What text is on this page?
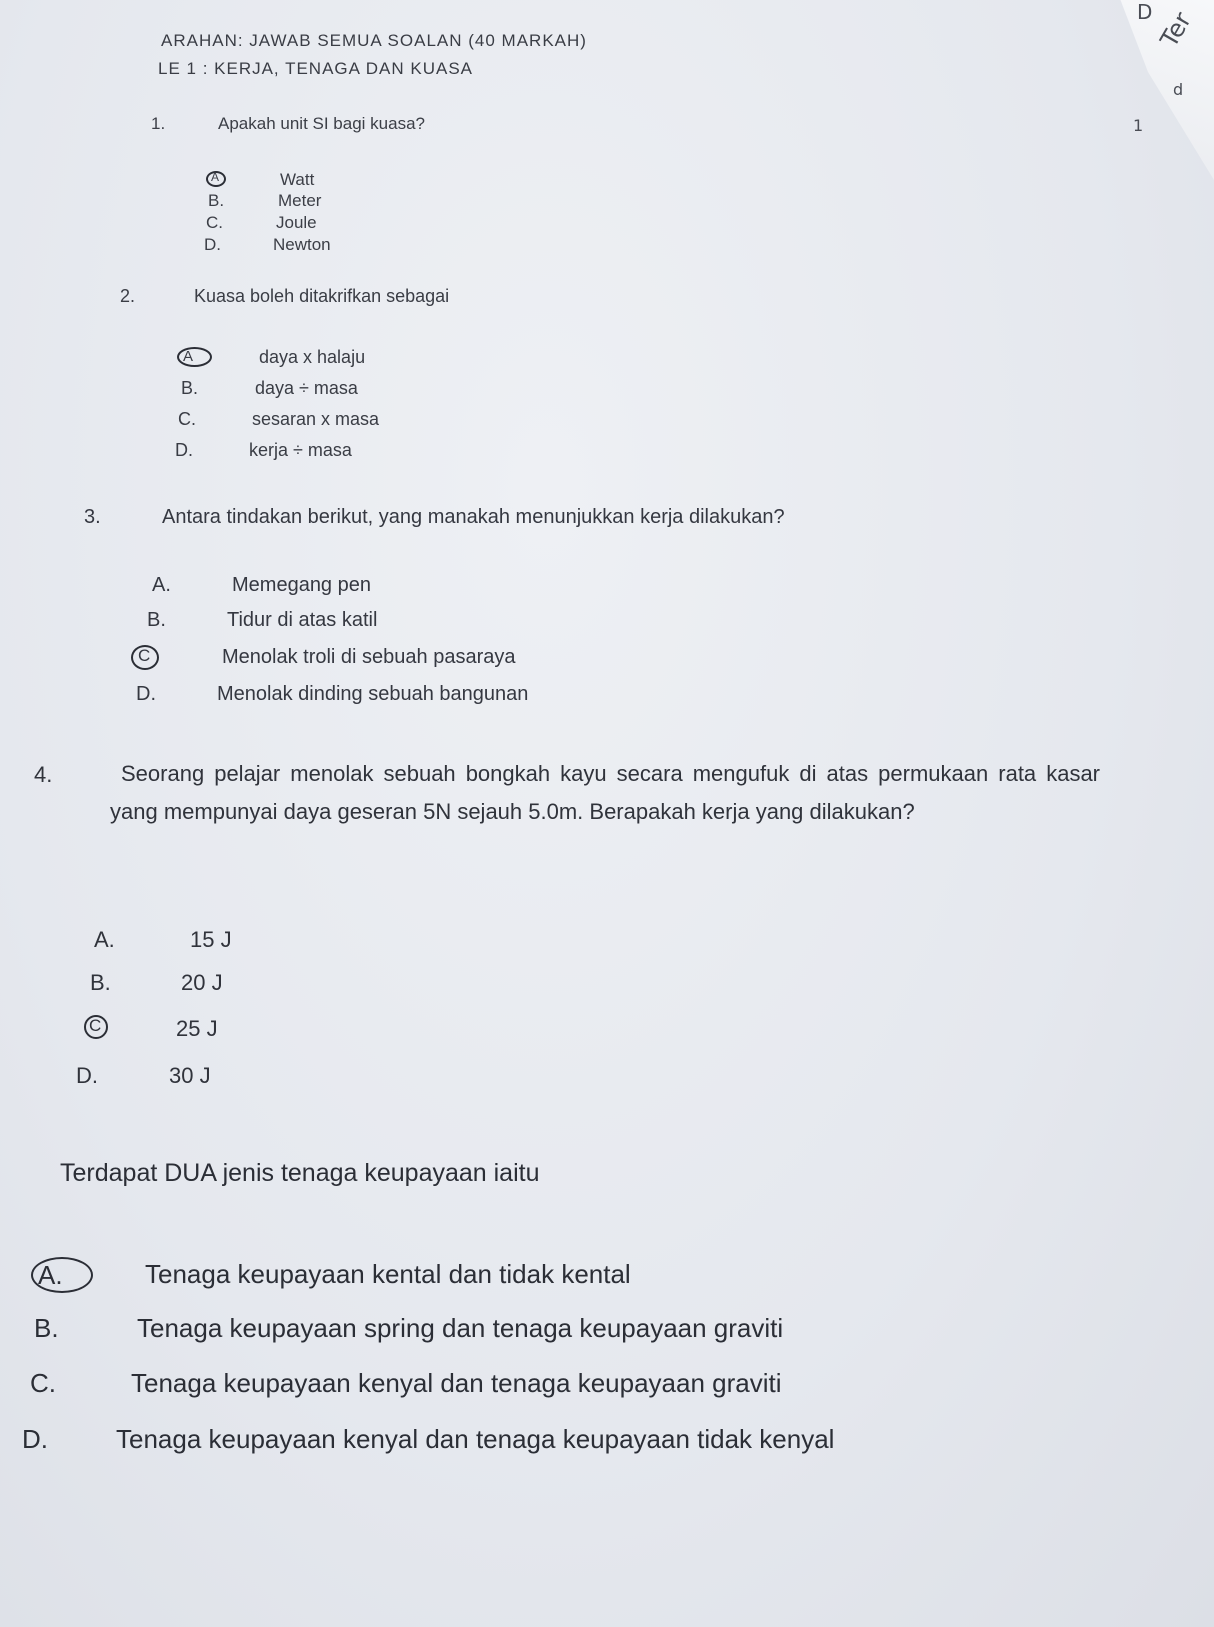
D Ter
d
1
ARAHAN: JAWAB SEMUA SOALAN (40 MARKAH)
LE 1 : KERJA, TENAGA DAN KUASA
1.	Apakah unit SI bagi kuasa?
A	Watt
B.	Meter
C.	Joule
D.	Newton
2.	Kuasa boleh ditakrifkan sebagai
A	daya x halaju
B.	daya ÷ masa
C.	sesaran x masa
D.	kerja ÷ masa
3.	Antara tindakan berikut, yang manakah menunjukkan kerja dilakukan?
A.	Memegang pen
B.	Tidur di atas katil
C	Menolak troli di sebuah pasaraya
D.	Menolak dinding sebuah bangunan
4.	Seorang pelajar menolak sebuah bongkah kayu secara mengufuk di atas permukaan rata kasar yang mempunyai daya geseran 5N sejauh 5.0m. Berapakah kerja yang dilakukan?
A.	15 J
B.	20 J
C	25 J
D.	30 J
Terdapat DUA jenis tenaga keupayaan iaitu
A.	Tenaga keupayaan kental dan tidak kental
B.	Tenaga keupayaan spring dan tenaga keupayaan graviti
C.	Tenaga keupayaan kenyal dan tenaga keupayaan graviti
D.	Tenaga keupayaan kenyal dan tenaga keupayaan tidak kenyal
